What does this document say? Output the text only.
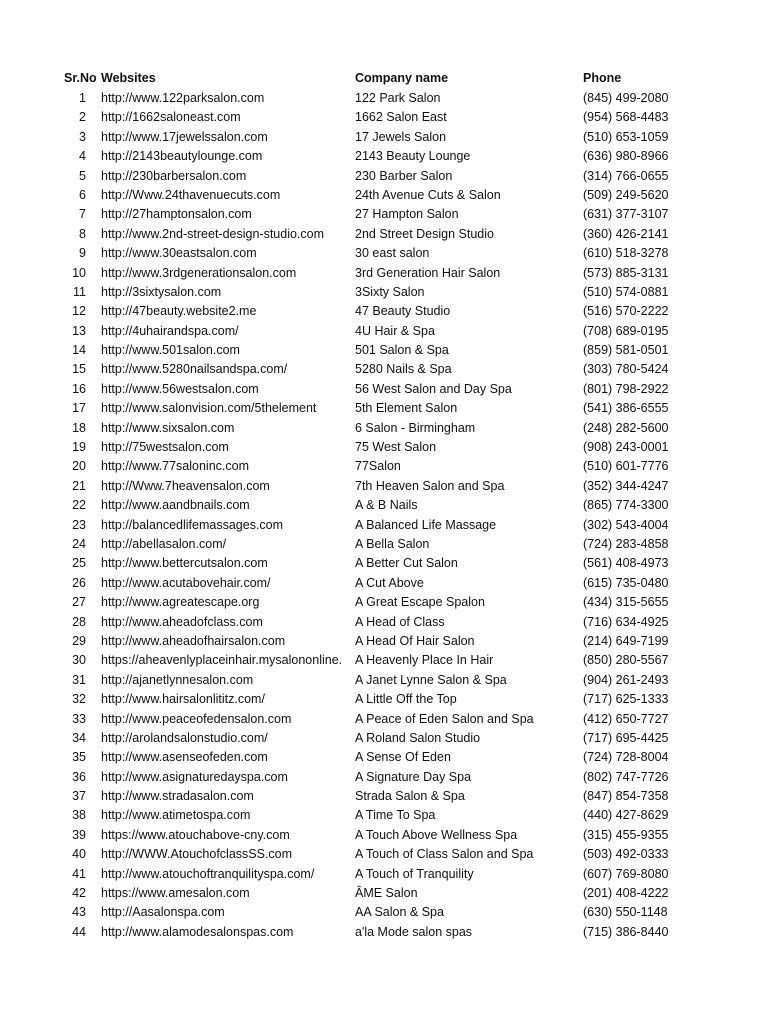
Sr.No Websites	Company name	Phone
1 http://www.122parksalon.com	122 Park Salon	(845) 499-2080
2 http://1662saloneast.com	1662 Salon East	(954) 568-4483
3 http://www.17jewelssalon.com	17 Jewels Salon	(510) 653-1059
4 http://2143beautylounge.com	2143 Beauty Lounge	(636) 980-8966
5 http://230barbersalon.com	230 Barber Salon	(314) 766-0655
6 http://Www.24thavenuecuts.com	24th Avenue Cuts & Salon	(509) 249-5620
7 http://27hamptonsalon.com	27 Hampton Salon	(631) 377-3107
8 http://www.2nd-street-design-studio.com	2nd Street Design Studio	(360) 426-2141
9 http://www.30eastsalon.com	30 east salon	(610) 518-3278
10 http://www.3rdgenerationsalon.com	3rd Generation Hair Salon	(573) 885-3131
11 http://3sixtysalon.com	3Sixty Salon	(510) 574-0881
12 http://47beauty.website2.me	47 Beauty Studio	(516) 570-2222
13 http://4uhairandspa.com/	4U Hair & Spa	(708) 689-0195
14 http://www.501salon.com	501 Salon & Spa	(859) 581-0501
15 http://www.5280nailsandspa.com/	5280 Nails & Spa	(303) 780-5424
16 http://www.56westsalon.com	56 West Salon and Day Spa	(801) 798-2922
17 http://www.salonvision.com/5thelement	5th Element Salon	(541) 386-6555
18 http://www.sixsalon.com	6 Salon - Birmingham	(248) 282-5600
19 http://75westsalon.com	75 West Salon	(908) 243-0001
20 http://www.77saloninc.com	77Salon	(510) 601-7776
21 http://Www.7heavensalon.com	7th Heaven Salon and Spa	(352) 344-4247
22 http://www.aandbnails.com	A & B Nails	(865) 774-3300
23 http://balancedlifemassages.com	A Balanced Life Massage	(302) 543-4004
24 http://abellasalon.com/	A Bella Salon	(724) 283-4858
25 http://www.bettercutsalon.com	A Better Cut Salon	(561) 408-4973
26 http://www.acutabovehair.com/	A Cut Above	(615) 735-0480
27 http://www.agreatescape.org	A Great Escape Spalon	(434) 315-5655
28 http://www.aheadofclass.com	A Head of Class	(716) 634-4925
29 http://www.aheadofhairsalon.com	A Head Of Hair Salon	(214) 649-7199
30 https://aheavenlyplaceinhair.mysalononline.	A Heavenly Place In Hair	(850) 280-5567
31 http://ajanetlynnesalon.com	A Janet Lynne Salon & Spa	(904) 261-2493
32 http://www.hairsalonlititz.com/	A Little Off the Top	(717) 625-1333
33 http://www.peaceofedensalon.com	A Peace of Eden Salon and Spa	(412) 650-7727
34 http://arolandsalonstudio.com/	A Roland Salon Studio	(717) 695-4425
35 http://www.asenseofeden.com	A Sense Of Eden	(724) 728-8004
36 http://www.asignaturedayspa.com	A Signature Day Spa	(802) 747-7726
37 http://www.stradasalon.com	Strada Salon & Spa	(847) 854-7358
38 http://www.atimetospa.com	A Time To Spa	(440) 427-8629
39 https://www.atouchabove-cny.com	A Touch Above Wellness Spa	(315) 455-9355
40 http://WWW.AtouchofclassSS.com	A Touch of Class Salon and Spa	(503) 492-0333
41 http://www.atouchoftranquilityspa.com/	A Touch of Tranquility	(607) 769-8080
42 https://www.amesalon.com	ÂME Salon	(201) 408-4222
43 http://Aasalonspa.com	AA Salon & Spa	(630) 550-1148
44 http://www.alamodesalonspas.com	a'la Mode salon spas	(715) 386-8440
